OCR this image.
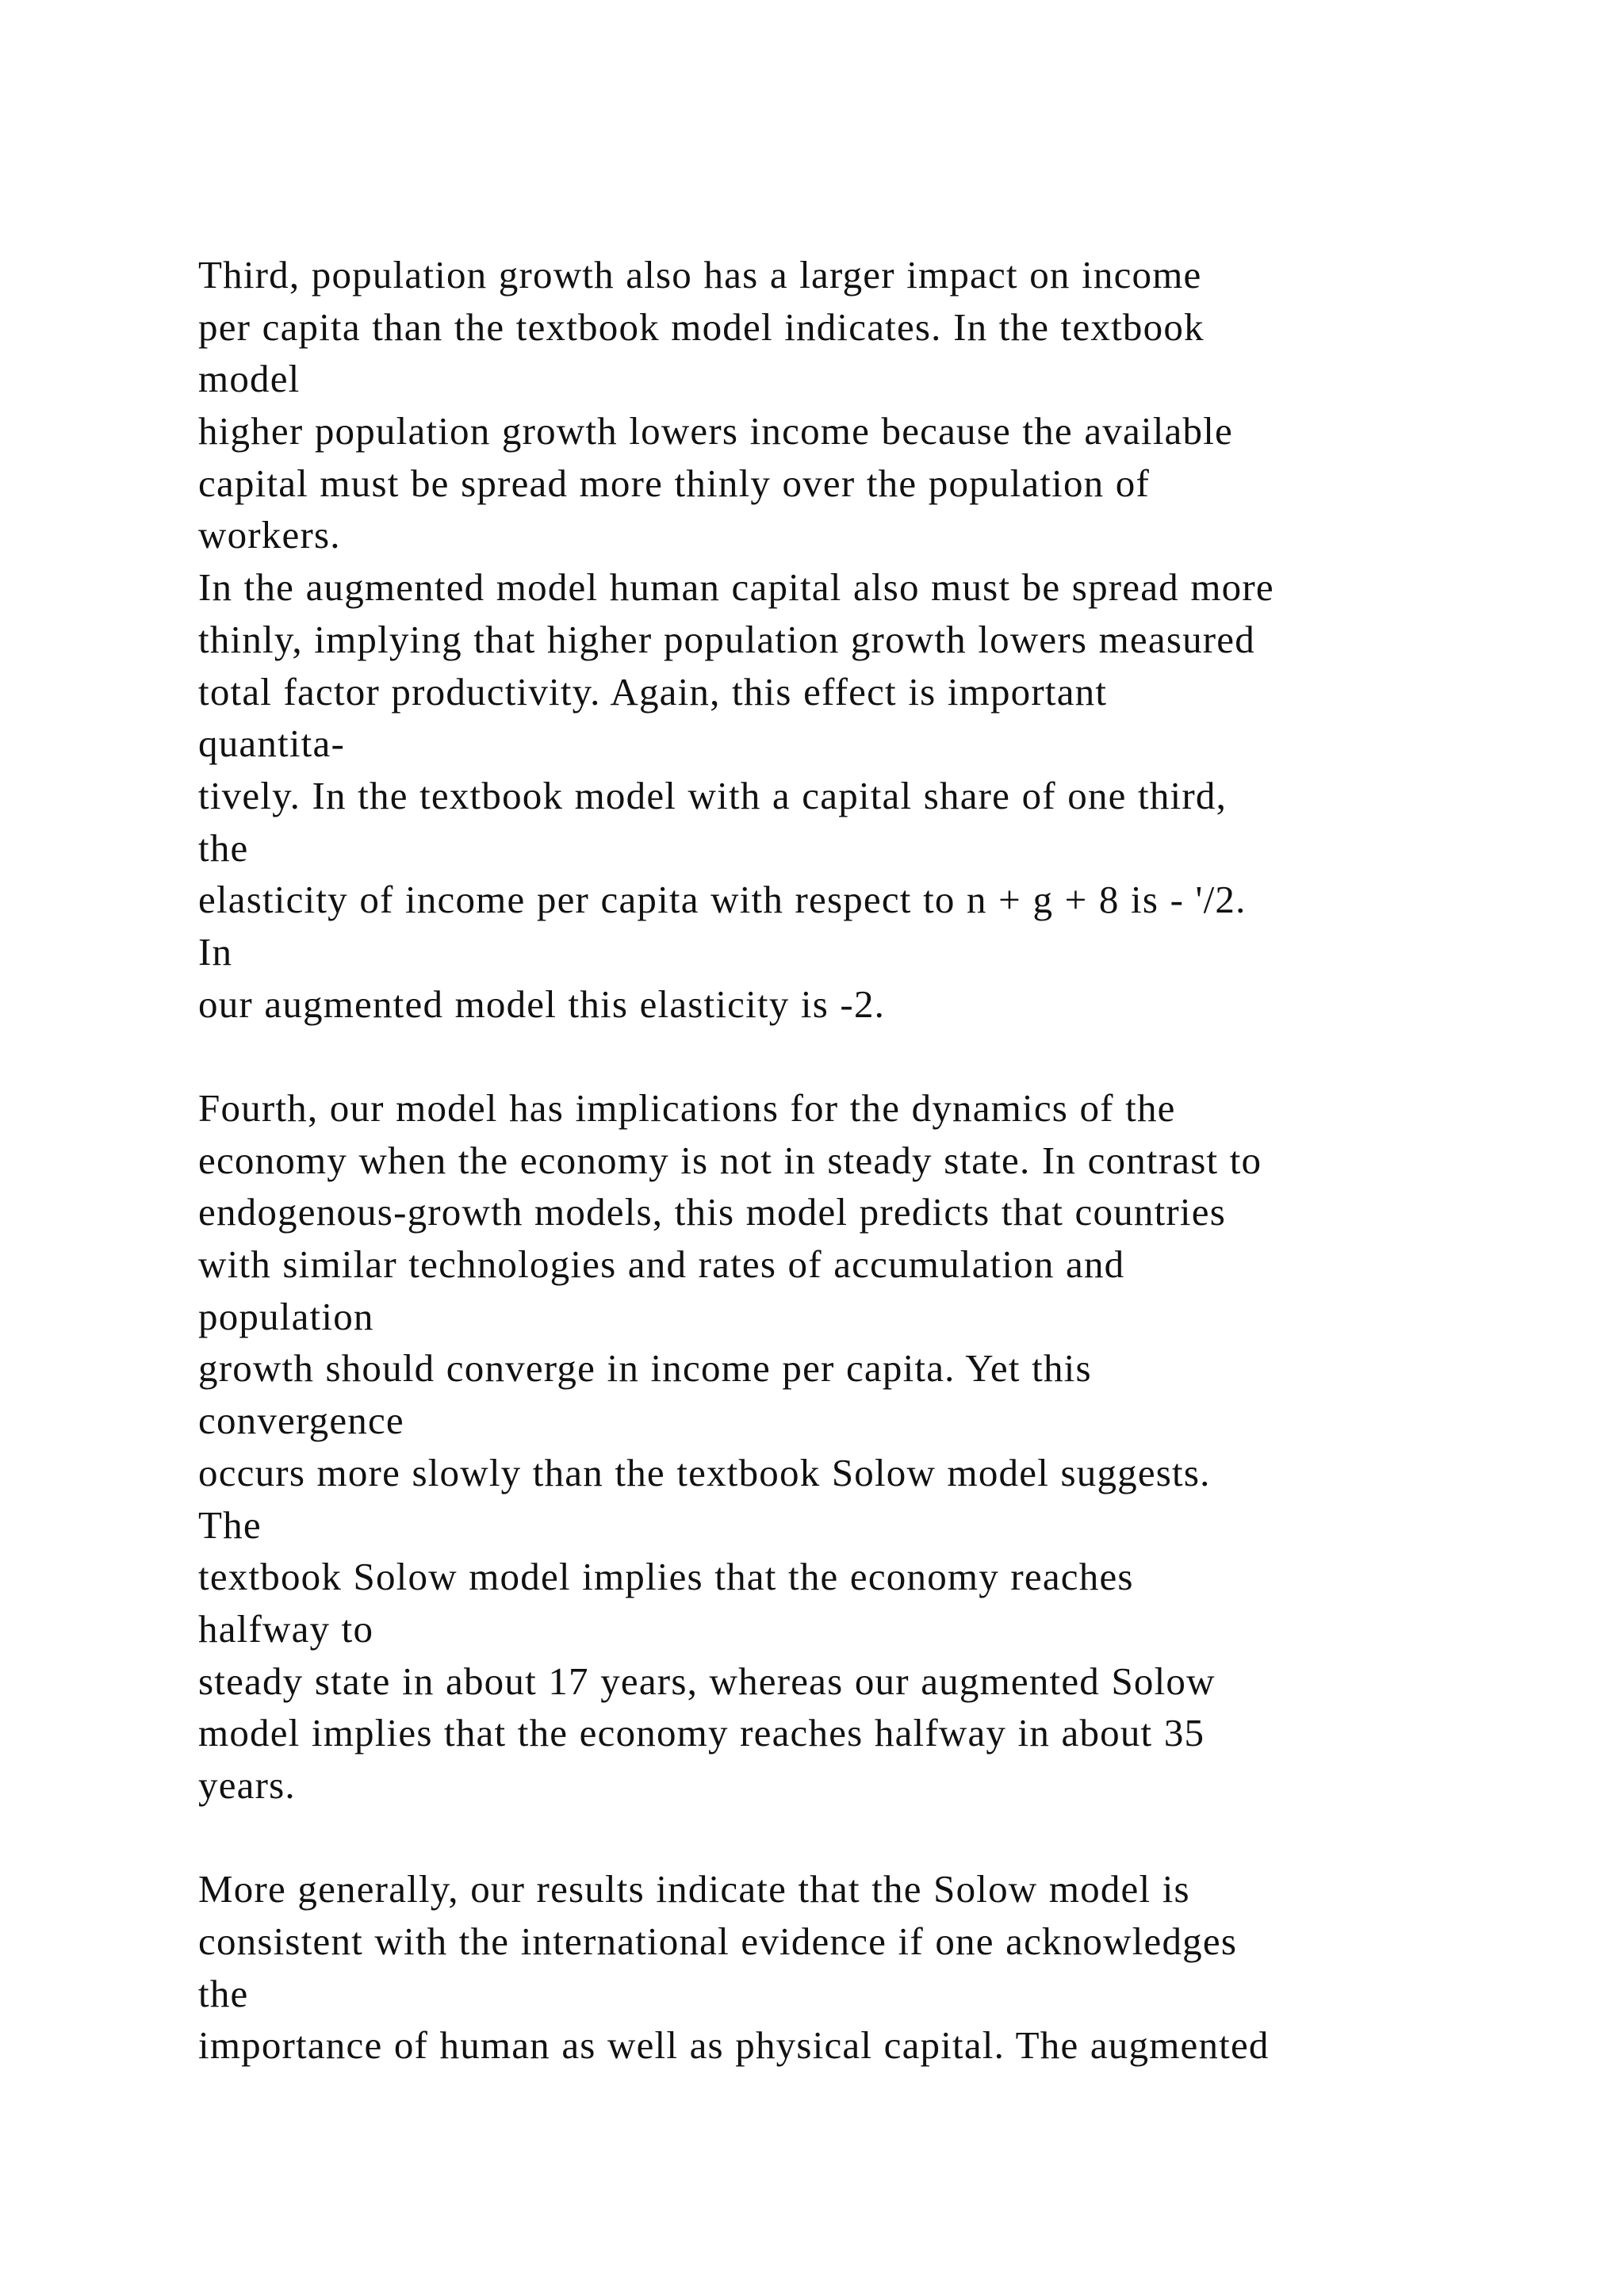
Third, population growth also has a larger impact on income
per capita than the textbook model indicates. In the textbook
model
higher population growth lowers income because the available
capital must be spread more thinly over the population of
workers.
In the augmented model human capital also must be spread more
thinly, implying that higher population growth lowers measured
total factor productivity. Again, this effect is important
quantita-
tively. In the textbook model with a capital share of one third,
the
elasticity of income per capita with respect to n + g + 8 is - '/2.
In
our augmented model this elasticity is -2.
Fourth, our model has implications for the dynamics of the
economy when the economy is not in steady state. In contrast to
endogenous-growth models, this model predicts that countries
with similar technologies and rates of accumulation and
population
growth should converge in income per capita. Yet this
convergence
occurs more slowly than the textbook Solow model suggests.
The
textbook Solow model implies that the economy reaches
halfway to
steady state in about 17 years, whereas our augmented Solow
model implies that the economy reaches halfway in about 35
years.
More generally, our results indicate that the Solow model is
consistent with the international evidence if one acknowledges
the
importance of human as well as physical capital. The augmented
